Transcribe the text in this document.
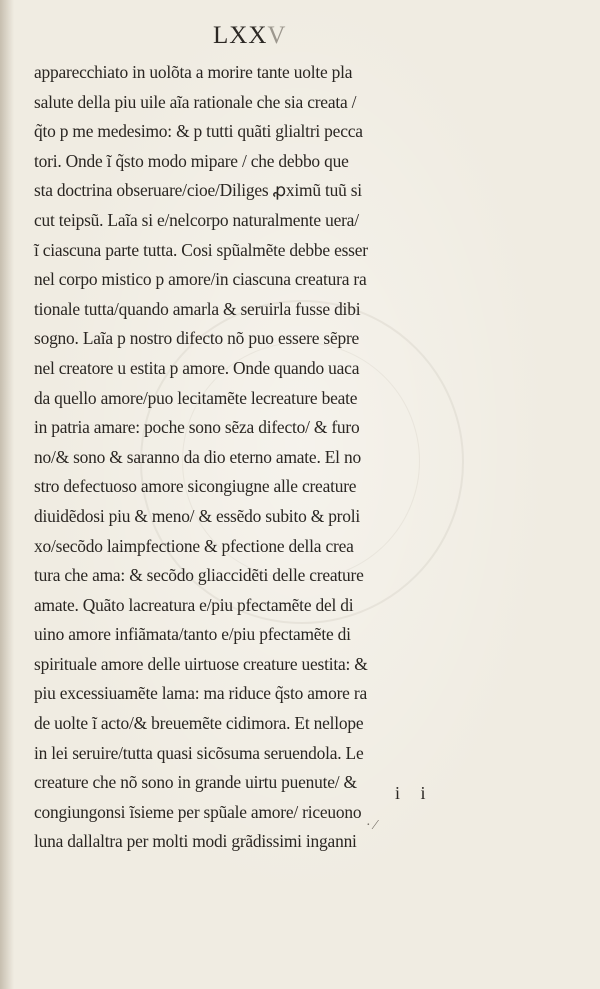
LXXV
apparecchiato in uolõta a morire tante uolte pla
salute della piu uile aĩa rationale che sia creata /
q̃to p me medesimo: & p tutti quãti glialtri pecca
tori. Onde ĩ q̃sto modo mipare / che debbo que
sta doctrina obseruare/cioe/Diliges ꝓximũ tuũ si
cut teipsũ. Laĩa si e/nelcorpo naturalmente uera/
ĩ ciascuna parte tutta. Cosi spũalmẽte debbe esser
nel corpo mistico p amore/in ciascuna creatura ra
tionale tutta/quando amarla & seruirla fusse dibi
sogno. Laĩa p nostro difecto nõ puo essere sẽpre
nel creatore u estita p amore. Onde quando uaca
da quello amore/puo lecitamẽte lecreature beate
in patria amare: poche sono sẽza difecto/ & furo
no/& sono & saranno da dio eterno amate. El no
stro defectuoso amore sicongiugne alle creature
diuidẽdosi piu & meno/ & essẽdo subito & proli
xo/secõdo laimpfectione & pfectione della crea
tura che ama: & secõdo gliaccidẽti delle creature
amate. Quãto lacreatura e/piu pfectamẽte del di
uino amore infiãmata/tanto e/piu pfectamẽte di
spirituale amore delle uirtuose creature uestita: &
piu excessiuamẽte lama: ma riduce q̃sto amore ra
de uolte ĩ acto/& breuemẽte cidimora. Et nellope
in lei seruire/tutta quasi sicõsuma seruendola. Le
creature che nõ sono in grande uirtu puenute/ &
congiungonsi ĩsieme per spũale amore/ riceuono
luna dallaltra per molti modi grãdissimi inganni
i i
· ⁄
